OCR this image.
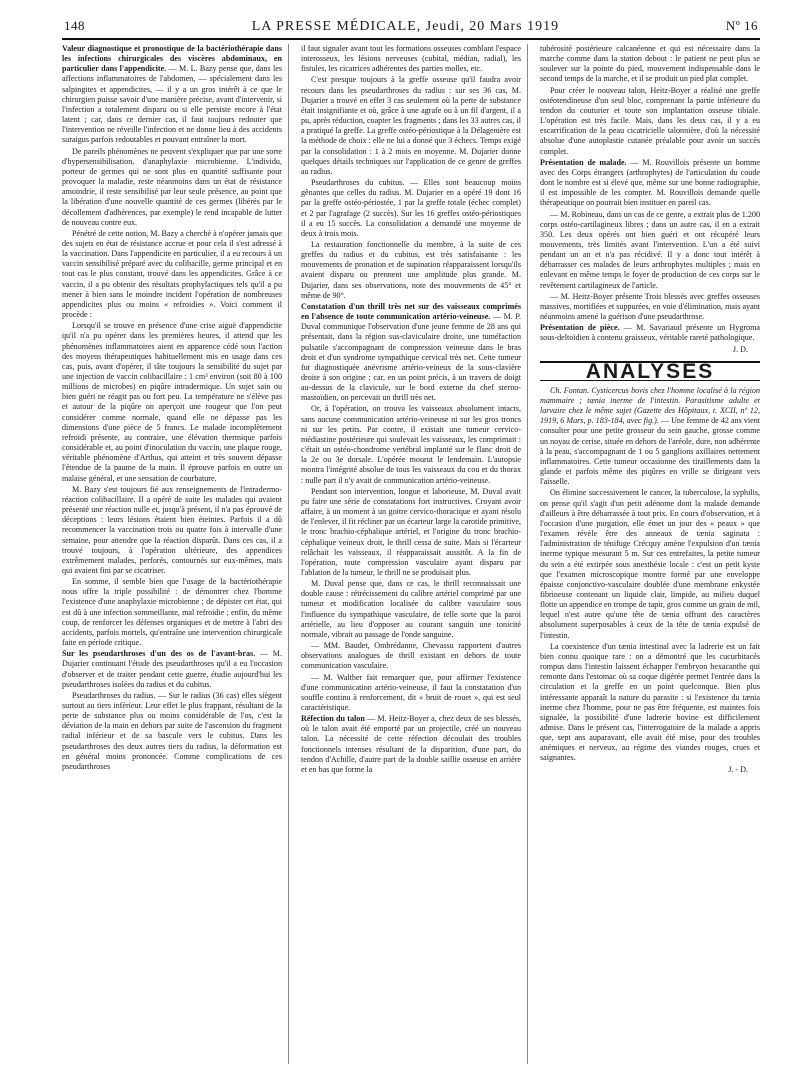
148	LA PRESSE MÉDICALE, Jeudi, 20 Mars 1919	Nº 16

Valeur diagnostique et pronostique de la bactériothérapie dans les infections chirurgicales des viscères abdominaux, en particulier dans l'appendicite. — M. L. Bazy pense que, dans les affections inflammatoires de l'abdomen, — spécialement dans les salpingites et appendicites, — il y a un gros intérêt à ce que le chirurgien puisse savoir d'une manière précise, avant d'intervenir, si l'infection a totalement disparu ou si elle persiste encore à l'état latent ; car, dans ce dernier cas, il faut toujours redouter que l'intervention ne réveille l'infection et ne donne lieu à des accidents suraigus parfois redoutables et pouvant entraîner la mort.

De pareils phénomènes ne peuvent s'expliquer que par une sorte d'hypersensibilisation, d'anaphylaxie microbienne. L'individu, porteur de germes qui ne sont plus en quantité suffisante pour provoquer la maladie, reste néanmoins dans un état de résistance amoindrie, il reste sensibilisé par leur seule présence, au point que la libération d'une nouvelle quantité de ces germes (libérés par le décollement d'adhérences, par exemple) le rend incapable de lutter de nouveau contre eux.

Pénétré de cette notion, M. Bazy a cherché à n'opérer jamais que des sujets en état de résistance accrue et pour cela il s'est adressé à la vaccination. Dans l'appendicite en particulier, il a eu recours à un vaccin sensibilisé préparé avec du colibacille, germe principal et en tout cas le plus constant, trouvé dans les appendicites. Grâce à ce vaccin, il a pu obtenir des résultats prophylactiques tels qu'il a pu mener à bien sans le moindre incident l'opération de nombreuses appendicites plus ou moins « refroidies ». Voici comment il procède :

Lorsqu'il se trouve en présence d'une crise aiguë d'appendicite qu'il n'a pu opérer dans les premières heures, il attend que les phénomènes inflammatoires aient en apparence cédé sous l'action des moyens thérapeutiques habituellement mis en usage dans ces cas, puis, avant d'opérer, il tâte toujours la sensibilité du sujet par une injection de vaccin colibacillaire : 1 cm³ environ (soit 80 à 100 millions de microbes) en piqûre intradermique. Un sujet sain ou bien guéri ne réagit pas ou fort peu. La température ne s'élève pas et autour de la piqûre on aperçoit une rougeur que l'on peut considérer comme normale, quand elle ne dépasse pas les dimensions d'une pièce de 5 francs. Le malade incomplètement refroidi présente, au contraire, une élévation thermique parfois considérable et, au point d'inoculation du vaccin, une plaque rouge, véritable phénomène d'Arthus, qui atteint et très souvent dépasse l'étendue de la paume de la main. Il éprouve parfois en outre un malaise général, et une sensation de courbature.

M. Bazy s'est toujours fié aux renseignements de l'intradermo-réaction colibacillaire. Il a opéré de suite les malades qui avaient présenté une réaction nulle et, jusqu'à présent, il n'a pas éprouvé de déceptions : leurs lésions étaient bien éteintes. Parfois il a dû recommencer la vaccination trois ou quatre fois à intervalle d'une semaine, pour attendre que la réaction disparût. Dans ces cas, il a trouvé toujours, à l'opération ultérieure, des appendices extrêmement malades, perforés, contournés sur eux-mêmes, mais qui avaient fini par se cicatriser.

En somme, il semble bien que l'usage de la bactériothérapie nous offre la triple possibilité : de démontrer chez l'homme l'existence d'une anaphylaxie microbienne ; de dépister cet état, qui est dû à une infection sommeillante, mal refroidie ; enfin, du même coup, de renforcer les défenses organiques et de mettre à l'abri des accidents, parfois mortels, qu'entraîne une intervention chirurgicale faite en période critique.

Sur les pseudarthroses d'un des os de l'avant-bras. — M. Dujarier continuant l'étude des pseudarthroses qu'il a eu l'occasion d'observer et de traiter pendant cette guerre, étudie aujourd'hui les pseudarthroses isolées du radius et du cubitus.

Pseudarthroses du radius. — Sur le radius (36 cas) elles siègent surtout au tiers inférieur. Leur effet le plus frappant, résultant de la perte de substance plus ou moins considérable de l'os, c'est la déviation de la main en dehors par suite de l'ascension du fragment radial inférieur et de sa bascule vers le cubitus. Dans les pseudarthroses des deux autres tiers du radius, la déformation est en général moins prononcée. Comme complications de ces pseudarthroses

il faut signaler avant tout les formations osseuses comblant l'espace interosseux, les lésions nerveuses (cubital, médian, radial), les fistules, les cicatrices adhérentes des parties molles, etc.

C'est presque toujours à la greffe osseuse qu'il faudra avoir recours dans les pseudarthroses du radius : sur ses 36 cas, M. Dujarier a trouvé en effet 3 cas seulement où la perte de substance était insignifiante et où, grâce à une agrafe ou à un fil d'argent, il a pu, après réduction, coapter les fragments ; dans les 33 autres cas, il a pratiqué la greffe. La greffe ostéo-périostique à la Délagenière est la méthode de choix : elle ne lui a donné que 3 échecs. Temps exigé par la consolidation : 1 à 2 mois en moyenne. M. Dujarier donne quelques détails techniques sur l'application de ce genre de greffes au radius.

Pseudarthroses du cubitus. — Elles sont beaucoup moins gênantes que celles du radius. M. Dujarier en a opéré 19 dont 16 par la greffe ostéo-périostée, 1 par la greffe totale (échec complet) et 2 par l'agrafage (2 succès). Sur les 16 greffes ostéo-périostiques il a eu 15 succès. La consolidation a demandé une moyenne de deux à trois mois.

La restauration fonctionnelle du membre, à la suite de ces greffes du radius et du cubitus, est très satisfaisante : les mouvements de pronation et de supination réapparaissent lorsqu'ils avaient disparu ou prennent une amplitude plus grande. M. Dujarier, dans ses observations, note des mouvements de 45° et même de 90°.

Constatation d'un thrill très net sur des vaisseaux comprimés en l'absence de toute communication artério-veineuse. — M. P. Duval communique l'observation d'une jeune femme de 28 ans qui présentait, dans la région sus-claviculaire droite, une tuméfaction pulsatile s'accompagnant de compression veineuse dans le bras droit et d'un syndrome sympathique cervical très net. Cette tumeur fut diagnostiquée anévrisme artério-veineux de la sous-clavière droite à son origine ; car, en un point précis, à un travers de doigt au-dessus de la clavicule, sur le bord externe du chef sterno-mastoïdien, on percevait un thrill très net.

Or, à l'opération, on trouva les vaisseaux absolument intacts, sans aucune communication artério-veineuse ni sur les gros troncs ni sur les petits. Par contre, il existait une tumeur cervico-médiastine postérieure qui soulevait les vaisseaux, les comprimait : c'était un ostéo-chondrome vertébral implanté sur le flanc droit de la 2e ou 3e dorsale. L'opérée mourut le lendemain. L'autopsie montra l'intégrité absolue de tous les vaisseaux du cou et du thorax : nulle part il n'y avait de communication artério-veineuse.

Pendant son intervention, longue et laborieuse, M. Duval avait pu faire une série de constatations fort instructives. Croyant avoir affaire, à un moment à un goitre cervico-thoracique et ayant résolu de l'enlever, il fit récliner par un écarteur large la carotide primitive, le tronc brachio-céphalique artériel, et l'origine du tronc brachio-céphalique veineux droit, le thrill cessa de suite. Mais si l'écarteur relâchait les vaisseaux, il réapparaissait aussitôt. A la fin de l'opération, toute compression vasculaire ayant disparu par l'ablation de la tumeur, le thrill ne se produisait plus.

M. Duval pense que, dans ce cas, le thrill reconnaissait une double cause : rétrécissement du calibre artériel comprimé par une tumeur et modification localisée du calibre vasculaire sous l'influence du sympathique vasculaire, de telle sorte que la paroi artérielle, au lieu d'opposer au courant sanguin une tonicité normale, vibrait au passage de l'onde sanguine.

— MM. Baudet, Ombrédanne, Chevassu rapportent d'autres observations analogues de thrill existant en dehors de toute communication vasculaire.

— M. Walther fait remarquer que, pour affirmer l'existence d'une communication artério-veineuse, il faut la constatation d'un souffle continu à renforcement, dit « bruit de rouet », qui est seul caractéristique.

Réfection du talon — M. Heitz-Boyer a, chez deux de ses blessés, où le talon avait été emporté par un projectile, créé un nouveau talon. La nécessité de cette réfection découlait des troubles fonctionnels intenses résultant de la disparition, d'une part, du tendon d'Achille, d'autre part de la double saillie osseuse en arrière et en bas que forme la

tubérosité postérieure calcanéenne et qui est nécessaire dans la marche comme dans la station debout : le patient ne peut plus se soulever sur la pointe du pied, mouvement indispensable dans le second temps de la marche, et il se produit un pied plat complet.

Pour créer le nouveau talon, Heitz-Boyer a réalisé une greffe ostéotendineuse d'un seul bloc, comprenant la partie inférieure du tendon du couturier et toute son implantation osseuse tibiale. L'opération est très facile. Mais, dans les deux cas, il y a eu escarrification de la peau cicatricielle talonnière, d'où la nécessité absolue d'une autoplastie cutanée préalable pour avoir un succès complet.

Présentation de malade. — M. Rouvillois présente un homme avec des Corps étrangers (arthrophytes) de l'articulation du coude dont le nombre est si élevé que, même sur une bonne radiographie, il est impossible de les compter. M. Rouvillois demande quelle thérapeutique on pourrait bien instituer en pareil cas.

— M. Robineau, dans un cas de ce genre, a extrait plus de 1.200 corps ostéo-cartilagineux libres ; dans un autre cas, il en a extrait 350. Les deux opérés ont bien guéri et ont récupéré leurs mouvements, très limités avant l'intervention. L'un a été suivi pendant un an et n'a pas récidivé. Il y a donc tout intérêt à débarrasser ces malades de leurs arthrophytes multiples ; mais en enlevant en même temps le foyer de production de ces corps sur le revêtement cartilagineux de l'article.

— M. Heitz-Boyer présente Trois blessés avec greffes osseuses massives, mortifiées et suppurées, en voie d'élimination, mais ayant néanmoins amené la guérison d'une pseudarthrose.

Présentation de pièce. — M. Savariaud présente un Hygroma sous-deltoïdien à contenu graisseux, véritable rareté pathologique.

J. D.

ANALYSES

Ch. Fontan. Cysticercus bovis chez l'homme localisé à la région mammaire ; tænia inerme de l'intestin. Parasitisme adulte et larvaire chez le même sujet (Gazette des Hôpitaux, t. XCII, nº 12, 1919, 6 Mars, p. 183-184, avec fig.). — Une femme de 42 ans vient consulter pour une petite grosseur du sein gauche, grosse comme un noyau de cerise, située en dehors de l'aréole, dure, non adhérente à la peau, s'accompagnant de 1 ou 5 ganglions axillaires nettement inflammatoires. Cette tumeur occasionne des tiraillements dans la glande et parfois même des piqûres en vrille se dirigeant vers l'aisselle.

On élimine successivement le cancer, la tuberculose, la syphilis, on pense qu'il s'agit d'un petit adénome dont la malade demande d'ailleurs à être débarrassée à tout prix. En cours d'observation, et à l'occasion d'une purgation, elle émet un jour des « peaux » que l'examen révèle être des anneaux de tænia saginata : l'administration de ténifuge Crécquy amène l'expulsion d'un tænia inerme typique mesurant 5 m. Sur ces entrefaites, la petite tumeur du sein a été extirpée sous anesthésie locale : c'est un petit kyste que l'examen microscopique montre formé par une enveloppe épaisse conjonctivo-vasculaire doublée d'une membrane enkystée fibrineuse contenant un liquide clair, limpide, au milieu duquel flotte un appendice en trompe de tapir, gros comme un grain de mil, lequel n'est autre qu'une tête de tænia offrant des caractères absolument superposables à ceux de la tête de tænia expulsé de l'intestin.

La coexistence d'un tænia intestinal avec la ladrerie est un fait bien connu quoique rare : on a démontré que les cucurbitacés rompus dans l'intestin laissent échapper l'embryon hexacanthe qui remonte dans l'estomac où sa coque digérée permet l'entrée dans la circulation et la greffe en un point quelconque. Bien plus intéressante apparaît la nature du parasite : si l'existence du tænia inerme chez l'homme, pour ne pas être fréquente, est maintes fois signalée, la possibilité d'une ladrerie bovine est difficilement admise. Dans le présent cas, l'interrogatoire de la malade a appris que, sept ans auparavant, elle avait été mise, pour des troubles anémiques et nerveux, au régime des viandes rouges, crues et saignantes.

J. - D.
